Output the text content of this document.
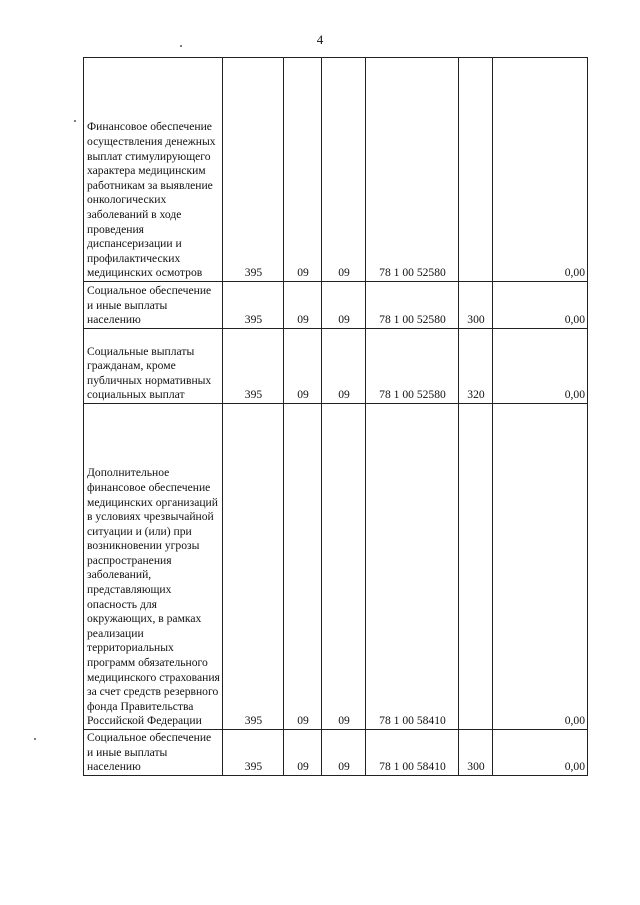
4
Финансовое обеспечение осуществления денежных выплат стимулирующего характера медицинским работникам за выявление онкологических заболеваний в ходе проведения диспансеризации и профилактических медицинских осмотров	395	09	09	78 1 00 52580		0,00
Социальное обеспечение и иные выплаты населению	395	09	09	78 1 00 52580	300	0,00
Социальные выплаты гражданам, кроме публичных нормативных социальных выплат	395	09	09	78 1 00 52580	320	0,00
Дополнительное финансовое обеспечение медицинских организаций в условиях чрезвычайной ситуации и (или) при возникновении угрозы распространения заболеваний, представляющих опасность для окружающих, в рамках реализации территориальных программ обязательного медицинского страхования за счет средств резервного фонда Правительства Российской Федерации	395	09	09	78 1 00 58410		0,00
Социальное обеспечение и иные выплаты населению	395	09	09	78 1 00 58410	300	0,00
